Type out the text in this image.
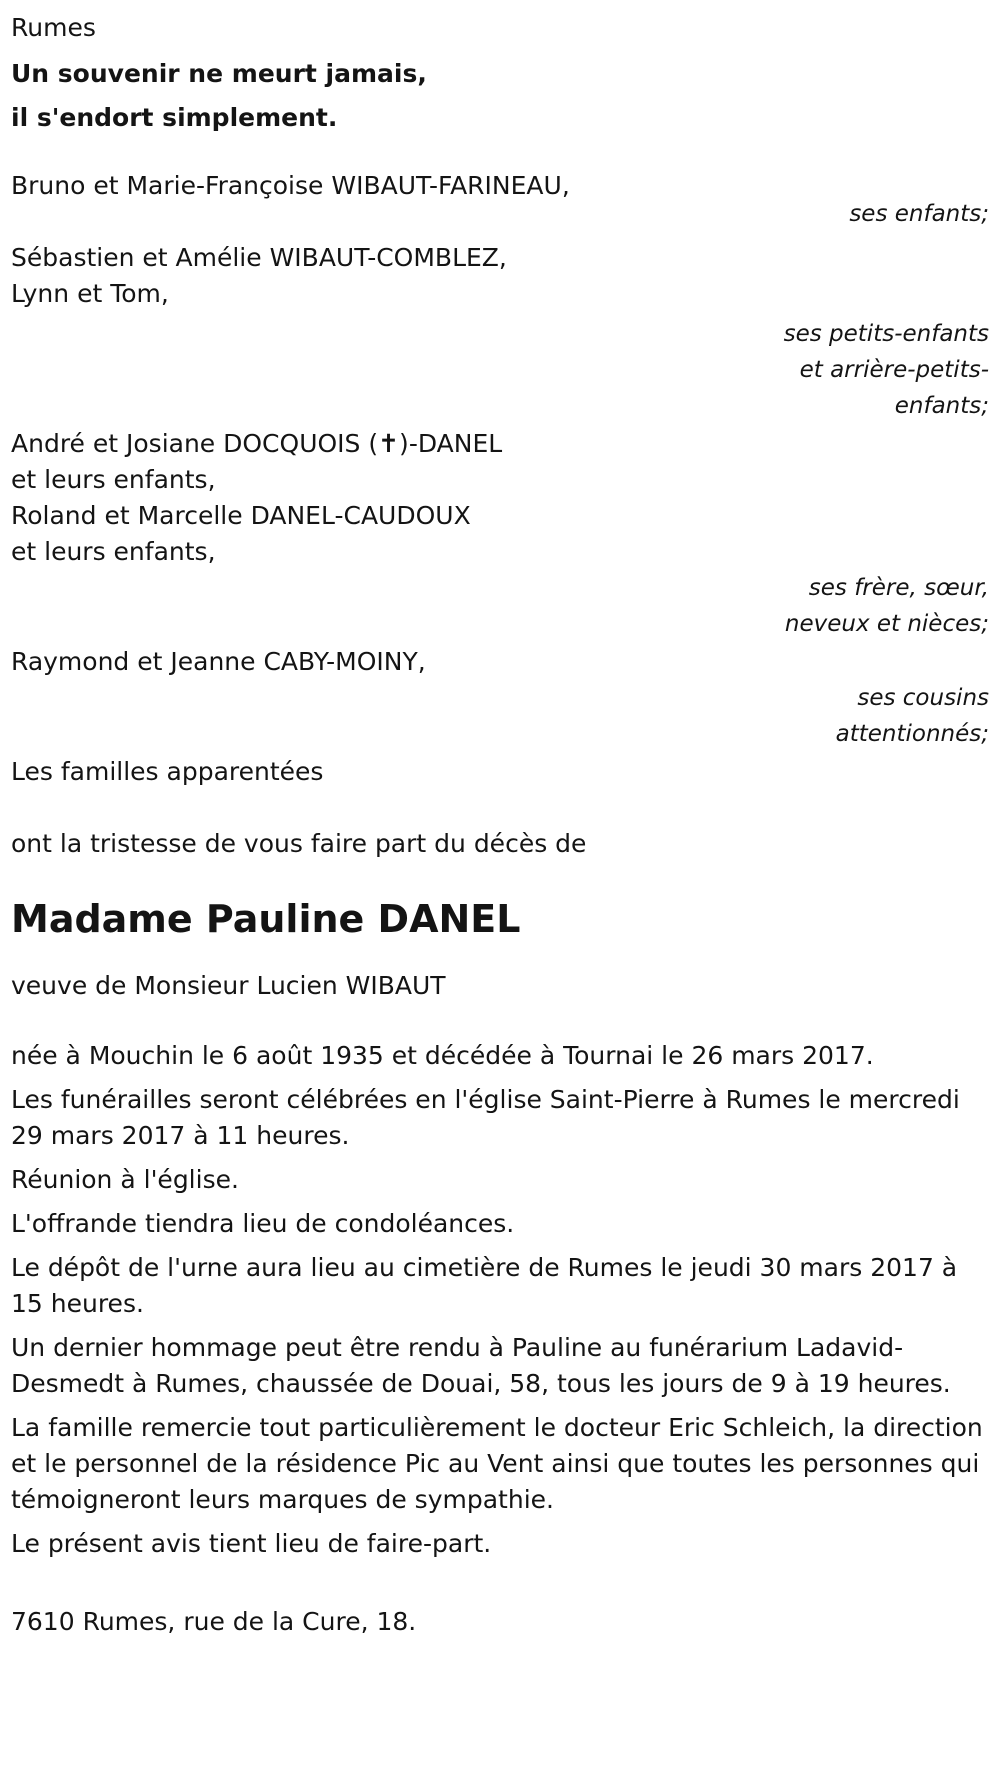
Rumes

Un souvenir ne meurt jamais,

il s'endort simplement.

Bruno et Marie-Françoise WIBAUT-FARINEAU,

ses enfants;

Sébastien et Amélie WIBAUT-COMBLEZ,

Lynn et Tom,

ses petits-enfants
et arrière-petits-
enfants;

André et Josiane DOCQUOIS (✝)-DANEL

et leurs enfants,

Roland et Marcelle DANEL-CAUDOUX

et leurs enfants,

ses frère, sœur,
neveux et nièces;

Raymond et Jeanne CABY-MOINY,

ses cousins
attentionnés;

Les familles apparentées

ont la tristesse de vous faire part du décès de

Madame Pauline DANEL

veuve de Monsieur Lucien WIBAUT

née à Mouchin le 6 août 1935 et décédée à Tournai le 26 mars 2017.

Les funérailles seront célébrées en l'église Saint-Pierre à Rumes le mercredi 29 mars 2017 à 11 heures.

Réunion à l'église.

L'offrande tiendra lieu de condoléances.

Le dépôt de l'urne aura lieu au cimetière de Rumes le jeudi 30 mars 2017 à 15 heures.

Un dernier hommage peut être rendu à Pauline au funérarium Ladavid-Desmedt à Rumes, chaussée de Douai, 58, tous les jours de 9 à 19 heures.

La famille remercie tout particulièrement le docteur Eric Schleich, la direction et le personnel de la résidence Pic au Vent ainsi que toutes les personnes qui témoigneront leurs marques de sympathie.

Le présent avis tient lieu de faire-part.

7610 Rumes, rue de la Cure, 18.
